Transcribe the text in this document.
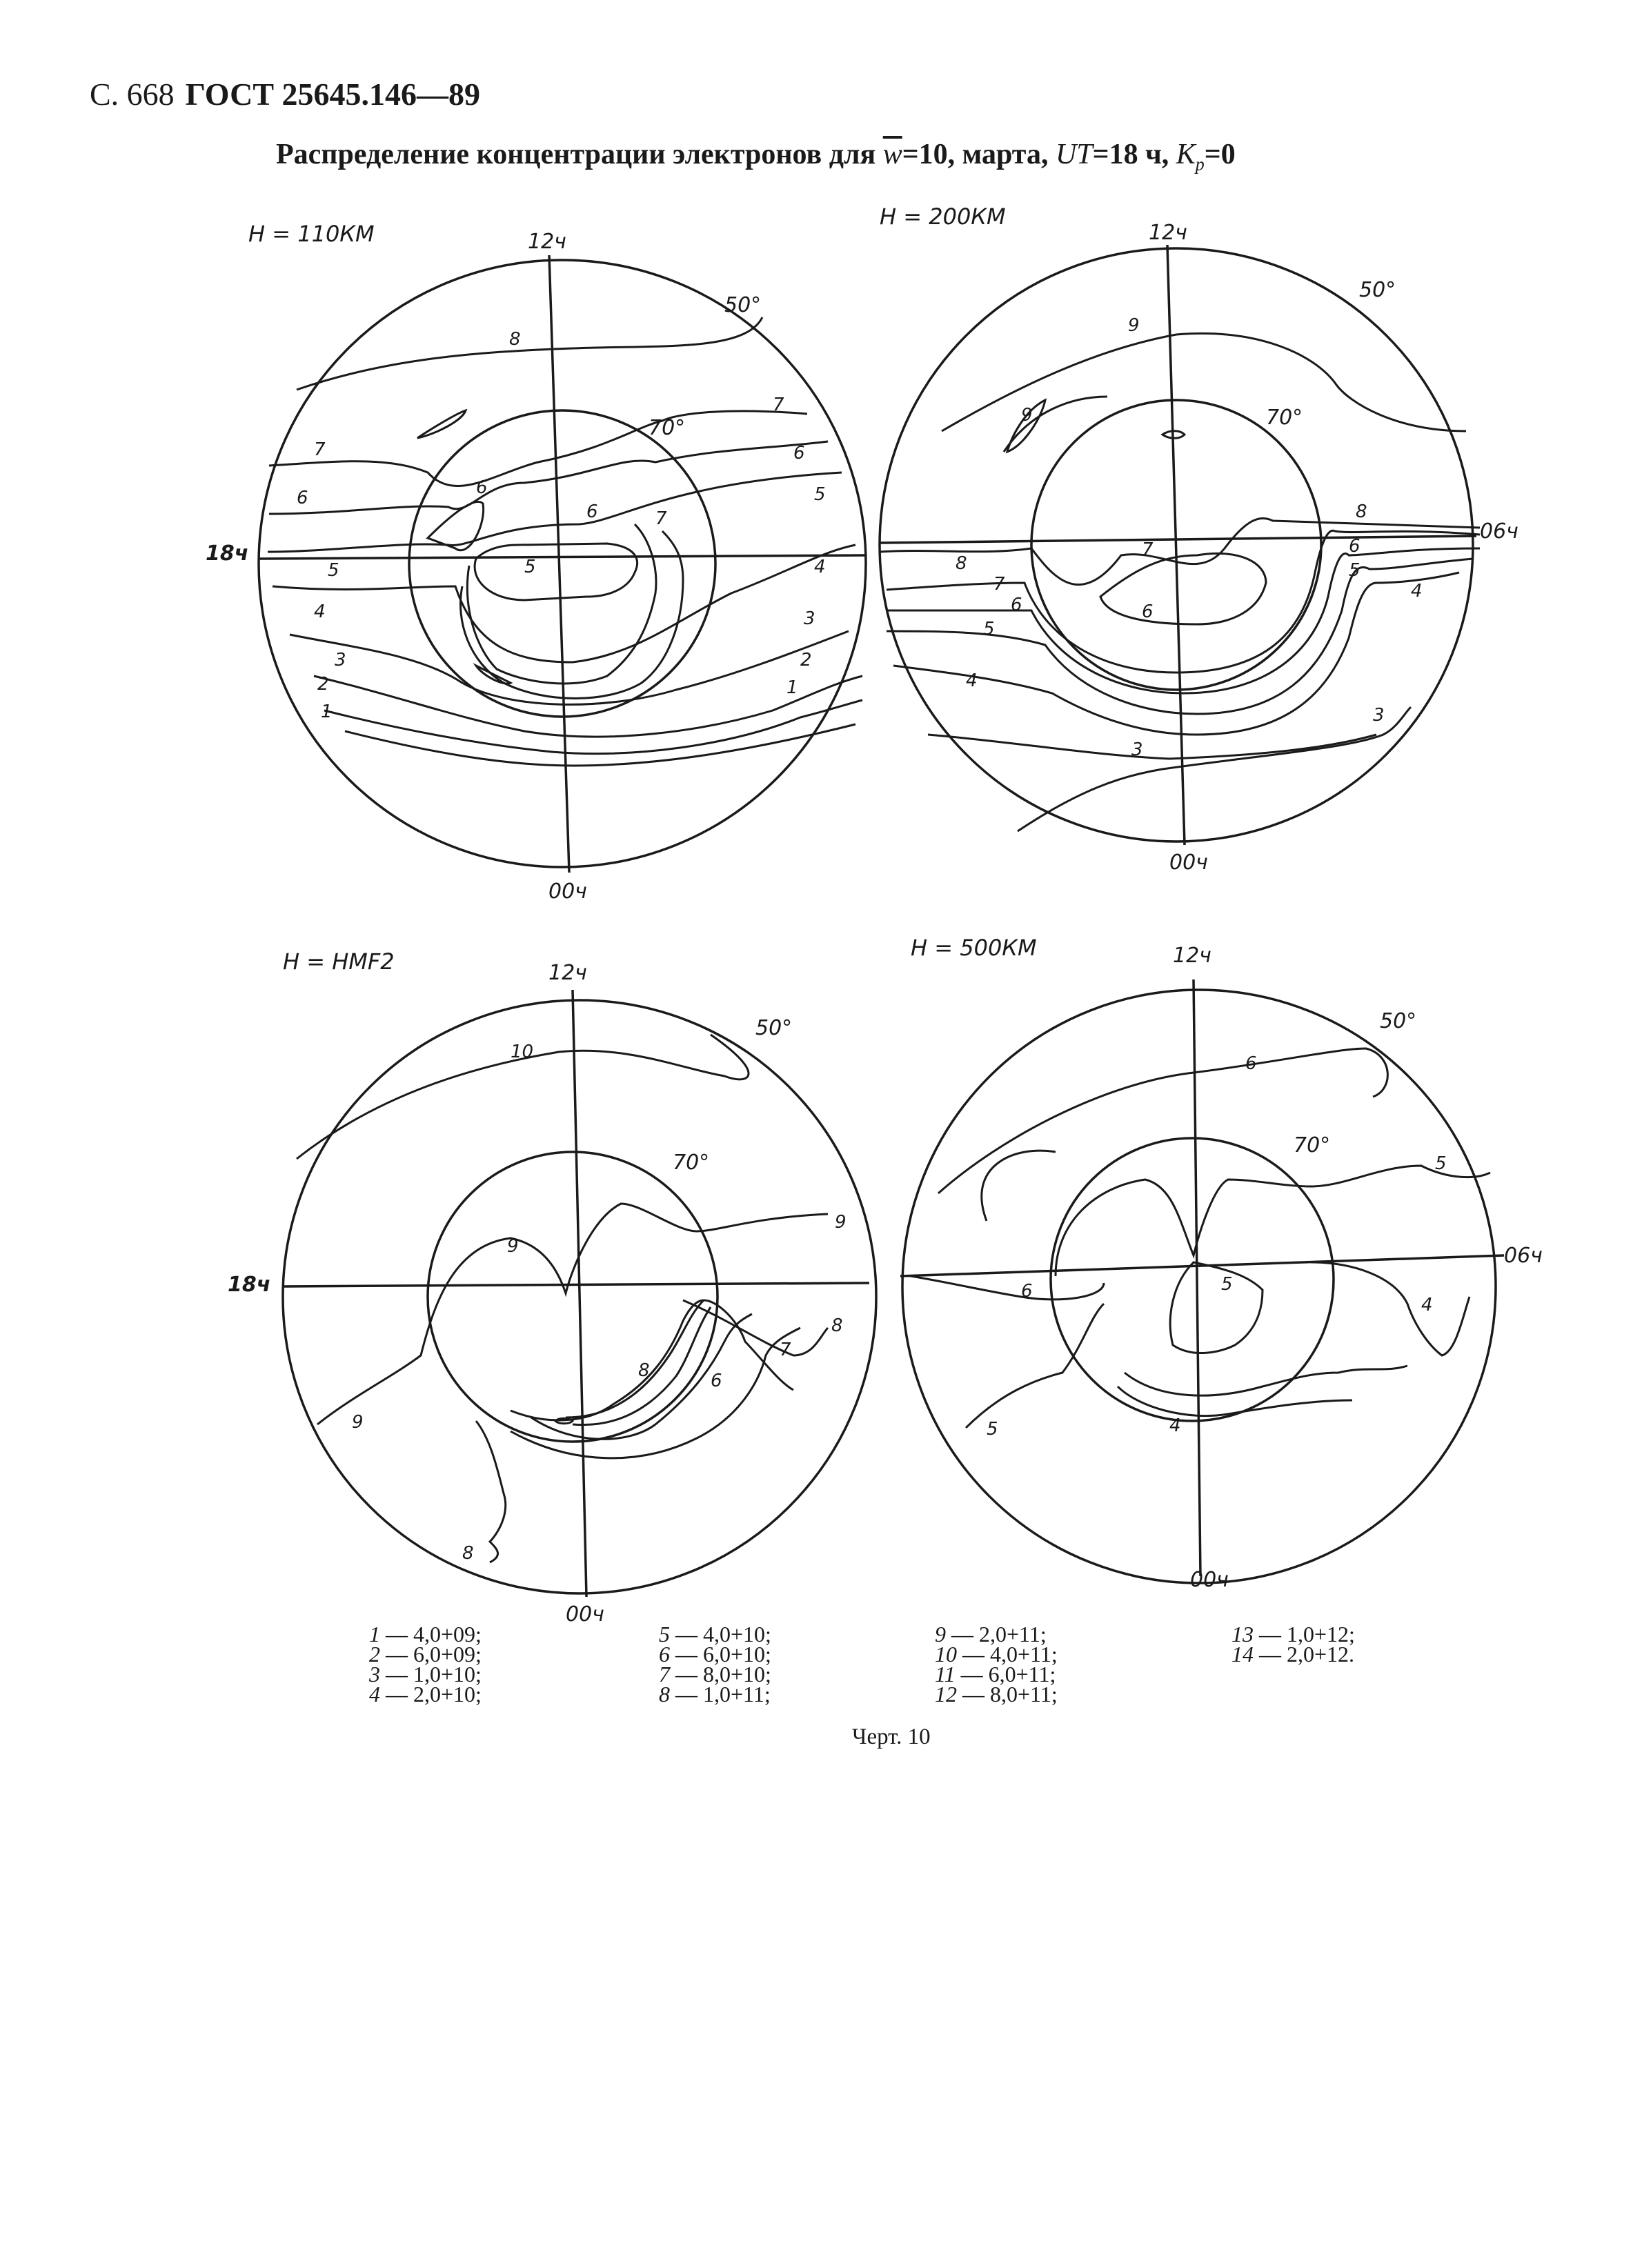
С. 668 ГОСТ 25645.146—89
Распределение концентрации электронов для $\overline{w}=10$, марта, UT=18 ч, $K_p=0$
H = 110КМ	12ч
18ч
00ч
50°
70°
8
7
7
6
6
6
6
5	5
5
4
4
3
3
2
2
1
1
7
H = 200КМ
12ч
06ч
00ч
50°
70°
9
9
8
8
7
7
6
6
6
5
5
4
4
3
3
H = HMF2	12ч
18ч
00ч
50°
70°
10
9
9
9
8
8
8
7
6
H = 500КМ	12ч
06ч
00ч
50°
70°
6
6
5
5
5
4
4
1 — 4,0+09;
2 — 6,0+09;
3 — 1,0+10;
4 — 2,0+10;
5 — 4,0+10;
6 — 6,0+10;
7 — 8,0+10;
8 — 1,0+11;
9 — 2,0+11;
10 — 4,0+11;
11 — 6,0+11;
12 — 8,0+11;
13 — 1,0+12;
14 — 2,0+12.
Черт. 10
